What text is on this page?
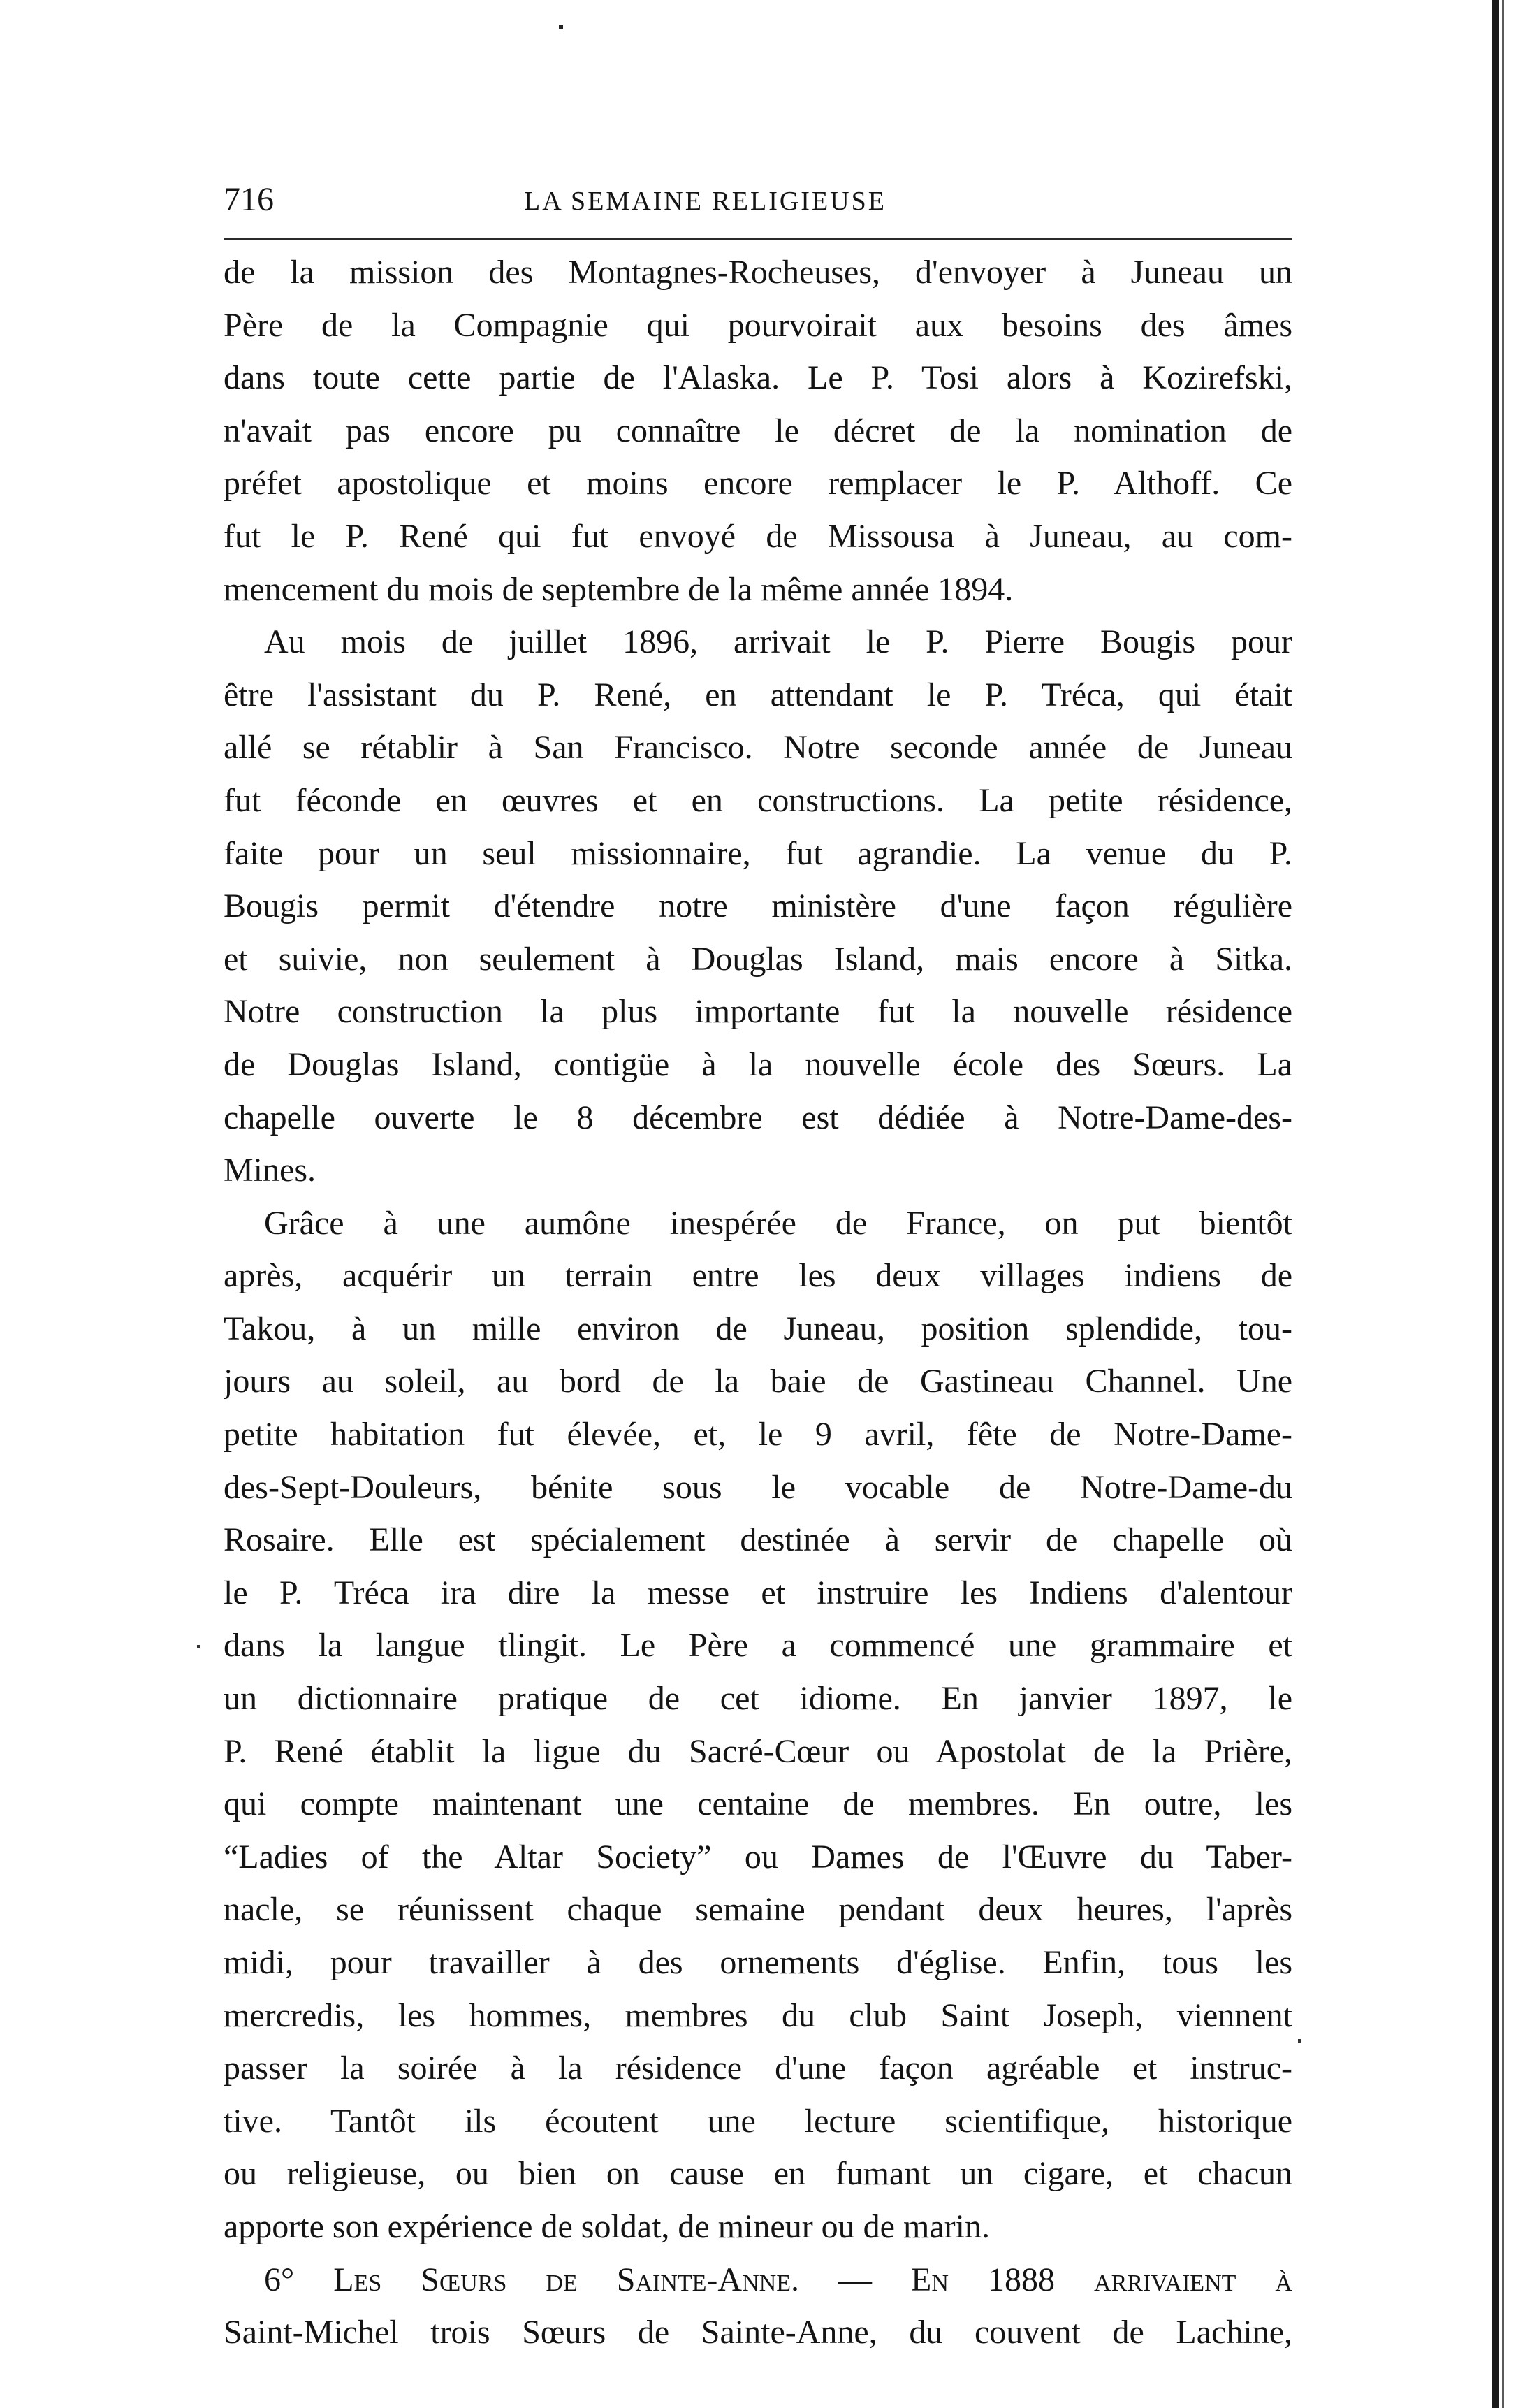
716	LA SEMAINE RELIGIEUSE
de la mission des Montagnes-Rocheuses, d'envoyer à Juneau un
Père de la Compagnie qui pourvoirait aux besoins des âmes
dans toute cette partie de l'Alaska. Le P. Tosi alors à Kozirefski,
n'avait pas encore pu connaître le décret de la nomination de
préfet apostolique et moins encore remplacer le P. Althoff. Ce
fut le P. René qui fut envoyé de Missousa à Juneau, au com-
mencement du mois de septembre de la même année 1894.
Au mois de juillet 1896, arrivait le P. Pierre Bougis pour
être l'assistant du P. René, en attendant le P. Tréca, qui était
allé se rétablir à San Francisco. Notre seconde année de Juneau
fut féconde en œuvres et en constructions. La petite résidence,
faite pour un seul missionnaire, fut agrandie. La venue du P.
Bougis permit d'étendre notre ministère d'une façon régulière
et suivie, non seulement à Douglas Island, mais encore à Sitka.
Notre construction la plus importante fut la nouvelle résidence
de Douglas Island, contigüe à la nouvelle école des Sœurs. La
chapelle ouverte le 8 décembre est dédiée à Notre-Dame-des-
Mines.
Grâce à une aumône inespérée de France, on put bientôt
après, acquérir un terrain entre les deux villages indiens de
Takou, à un mille environ de Juneau, position splendide, tou-
jours au soleil, au bord de la baie de Gastineau Channel. Une
petite habitation fut élevée, et, le 9 avril, fête de Notre-Dame-
des-Sept-Douleurs, bénite sous le vocable de Notre-Dame-du
Rosaire. Elle est spécialement destinée à servir de chapelle où
le P. Tréca ira dire la messe et instruire les Indiens d'alentour
dans la langue tlingit. Le Père a commencé une grammaire et
un dictionnaire pratique de cet idiome. En janvier 1897, le
P. René établit la ligue du Sacré-Cœur ou Apostolat de la Prière,
qui compte maintenant une centaine de membres. En outre, les
“Ladies of the Altar Society” ou Dames de l'Œuvre du Taber-
nacle, se réunissent chaque semaine pendant deux heures, l'après
midi, pour travailler à des ornements d'église. Enfin, tous les
mercredis, les hommes, membres du club Saint Joseph, viennent
passer la soirée à la résidence d'une façon agréable et instruc-
tive. Tantôt ils écoutent une lecture scientifique, historique
ou religieuse, ou bien on cause en fumant un cigare, et chacun
apporte son expérience de soldat, de mineur ou de marin.
6° Les Sœurs de Sainte-Anne. — En 1888 arrivaient à
Saint-Michel trois Sœurs de Sainte-Anne, du couvent de Lachine,
